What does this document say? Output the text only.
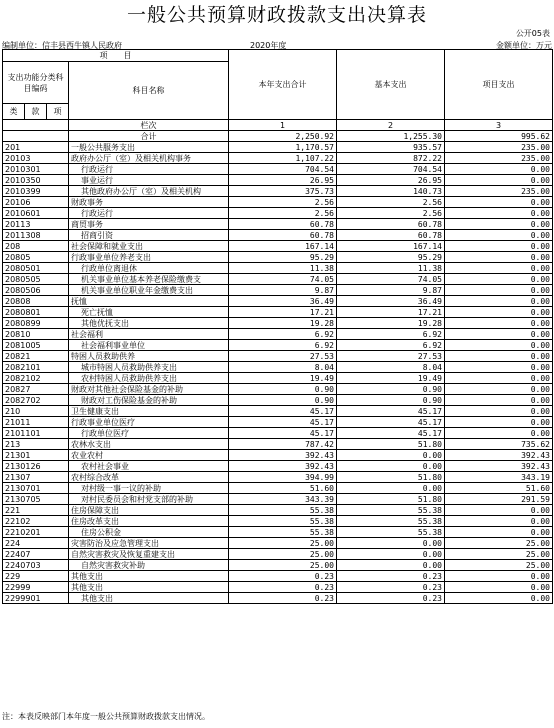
一般公共预算财政拨款支出决算表
公开05表
编制单位：信丰县西牛镇人民政府	2020年度	金额单位：万元
项　　目				本年支出合计	基本支出	项目支出
支出功能分类科目编码			科目名称			

类	款	项				
			栏次	1	2	3
			合计	2,250.92	1,255.30	995.62
201			一般公共服务支出	1,170.57	935.57	235.00
20103			政府办公厅（室）及相关机构事务	1,107.22	872.22	235.00
2010301			行政运行	704.54	704.54	0.00
2010350			事业运行	26.95	26.95	0.00
2010399			其他政府办公厅（室）及相关机构	375.73	140.73	235.00
20106			财政事务	2.56	2.56	0.00
2010601			行政运行	2.56	2.56	0.00
20113			商贸事务	60.78	60.78	0.00
2011308			招商引资	60.78	60.78	0.00
208			社会保障和就业支出	167.14	167.14	0.00
20805			行政事业单位养老支出	95.29	95.29	0.00
2080501			行政单位离退休	11.38	11.38	0.00
2080505			机关事业单位基本养老保险缴费支	74.05	74.05	0.00
2080506			机关事业单位职业年金缴费支出	9.87	9.87	0.00
20808			抚恤	36.49	36.49	0.00
2080801			死亡抚恤	17.21	17.21	0.00
2080899			其他优抚支出	19.28	19.28	0.00
20810			社会福利	6.92	6.92	0.00
2081005			社会福利事业单位	6.92	6.92	0.00
20821			特困人员救助供养	27.53	27.53	0.00
2082101			城市特困人员救助供养支出	8.04	8.04	0.00
2082102			农村特困人员救助供养支出	19.49	19.49	0.00
20827			财政对其他社会保险基金的补助	0.90	0.90	0.00
2082702			财政对工伤保险基金的补助	0.90	0.90	0.00
210			卫生健康支出	45.17	45.17	0.00
21011			行政事业单位医疗	45.17	45.17	0.00
2101101			行政单位医疗	45.17	45.17	0.00
213			农林水支出	787.42	51.80	735.62
21301			农业农村	392.43	0.00	392.43
2130126			农村社会事业	392.43	0.00	392.43
21307			农村综合改革	394.99	51.80	343.19
2130701			对村级一事一议的补助	51.60	0.00	51.60
2130705			对村民委员会和村党支部的补助	343.39	51.80	291.59
221			住房保障支出	55.38	55.38	0.00
22102			住房改革支出	55.38	55.38	0.00
2210201			住房公积金	55.38	55.38	0.00
224			灾害防治及应急管理支出	25.00	0.00	25.00
22407			自然灾害救灾及恢复重建支出	25.00	0.00	25.00
2240703			自然灾害救灾补助	25.00	0.00	25.00
229			其他支出	0.23	0.23	0.00
22999			其他支出	0.23	0.23	0.00
2299901			其他支出	0.23	0.23	0.00
注：本表反映部门本年度一般公共预算财政拨款支出情况。
